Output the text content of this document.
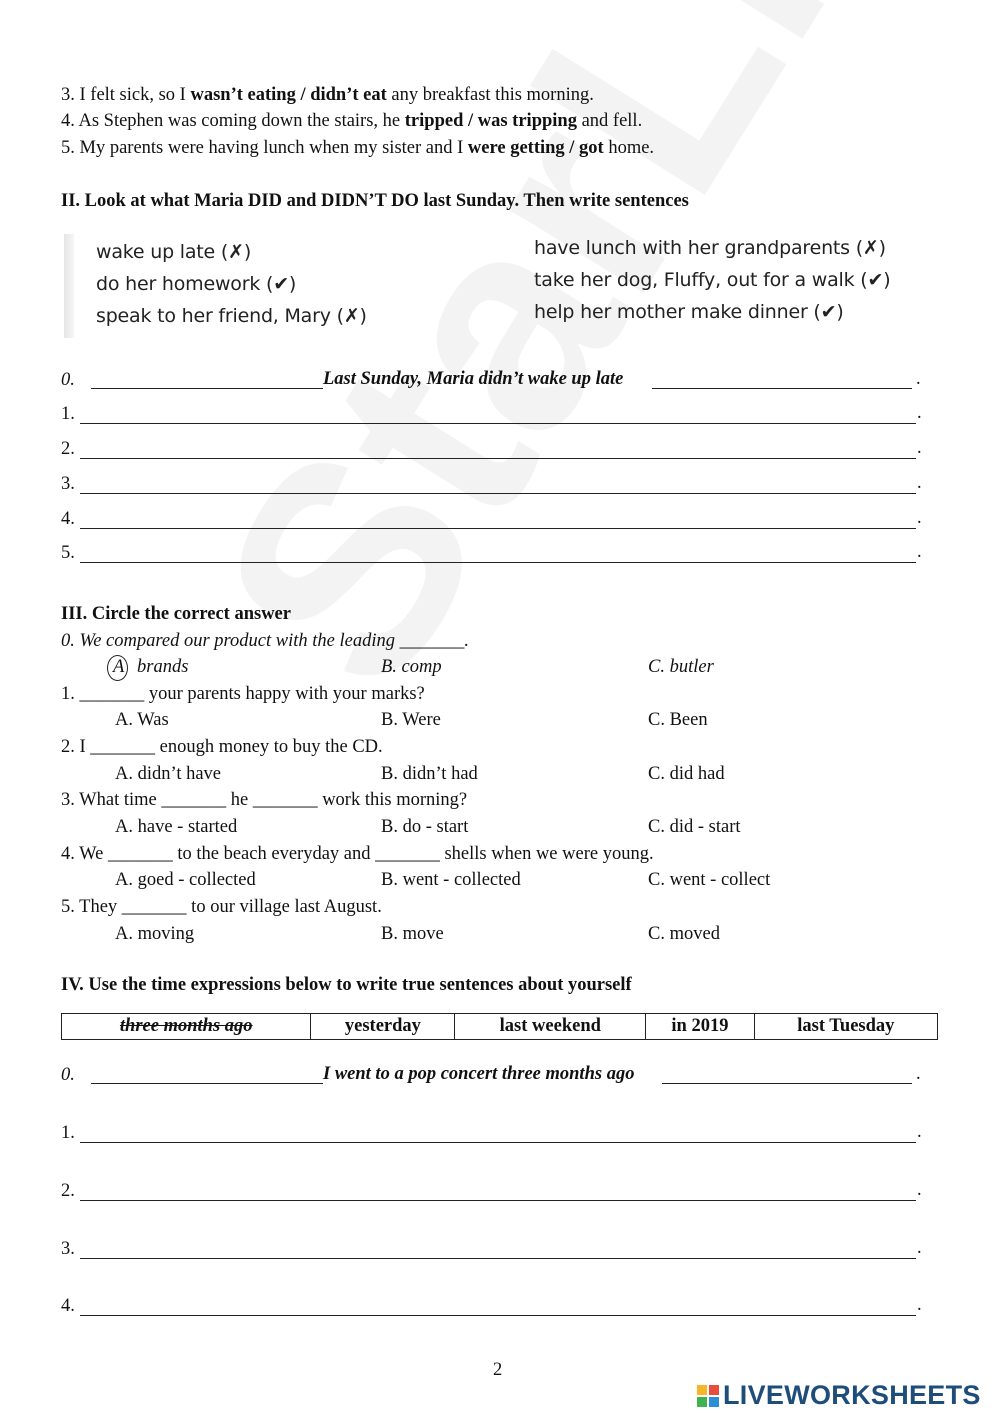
3. I felt sick, so I wasn’t eating / didn’t eat any breakfast this morning.
4. As Stephen was coming down the stairs, he tripped / was tripping and fell.
5. My parents were having lunch when my sister and I were getting / got home.
II. Look at what Maria DID and DIDN’T DO last Sunday. Then write sentences
wake up late (✗)
do her homework (✔)
speak to her friend, Mary (✗)
have lunch with her grandparents (✗)
take her dog, Fluffy, out for a walk (✔)
help her mother make dinner (✔)
0.	Last Sunday, Maria didn’t wake up late	.
1.	.
2.	.
3.	.
4.	.
5.	.
III. Circle the correct answer
0. We compared our product with the leading _______.
A brands	B. comp	C. butler
1. _______ your parents happy with your marks?
A. Was	B. Were	C. Been
2. I _______ enough money to buy the CD.
A. didn’t have	B. didn’t had	C. did had
3. What time _______ he _______ work this morning?
A. have - started	B. do - start	C. did - start
4. We _______ to the beach everyday and _______ shells when we were young.
A. goed - collected	B. went - collected	C. went - collect
5. They _______ to our village last August.
A. moving	B. move	C. moved
IV. Use the time expressions below to write true sentences about yourself
three months ago	yesterday	last weekend	in 2019	last Tuesday
0.	I went to a pop concert three months ago	.
1.	.
2.	.
3.	.
4.	.
2
LIVEWORKSHEETS
